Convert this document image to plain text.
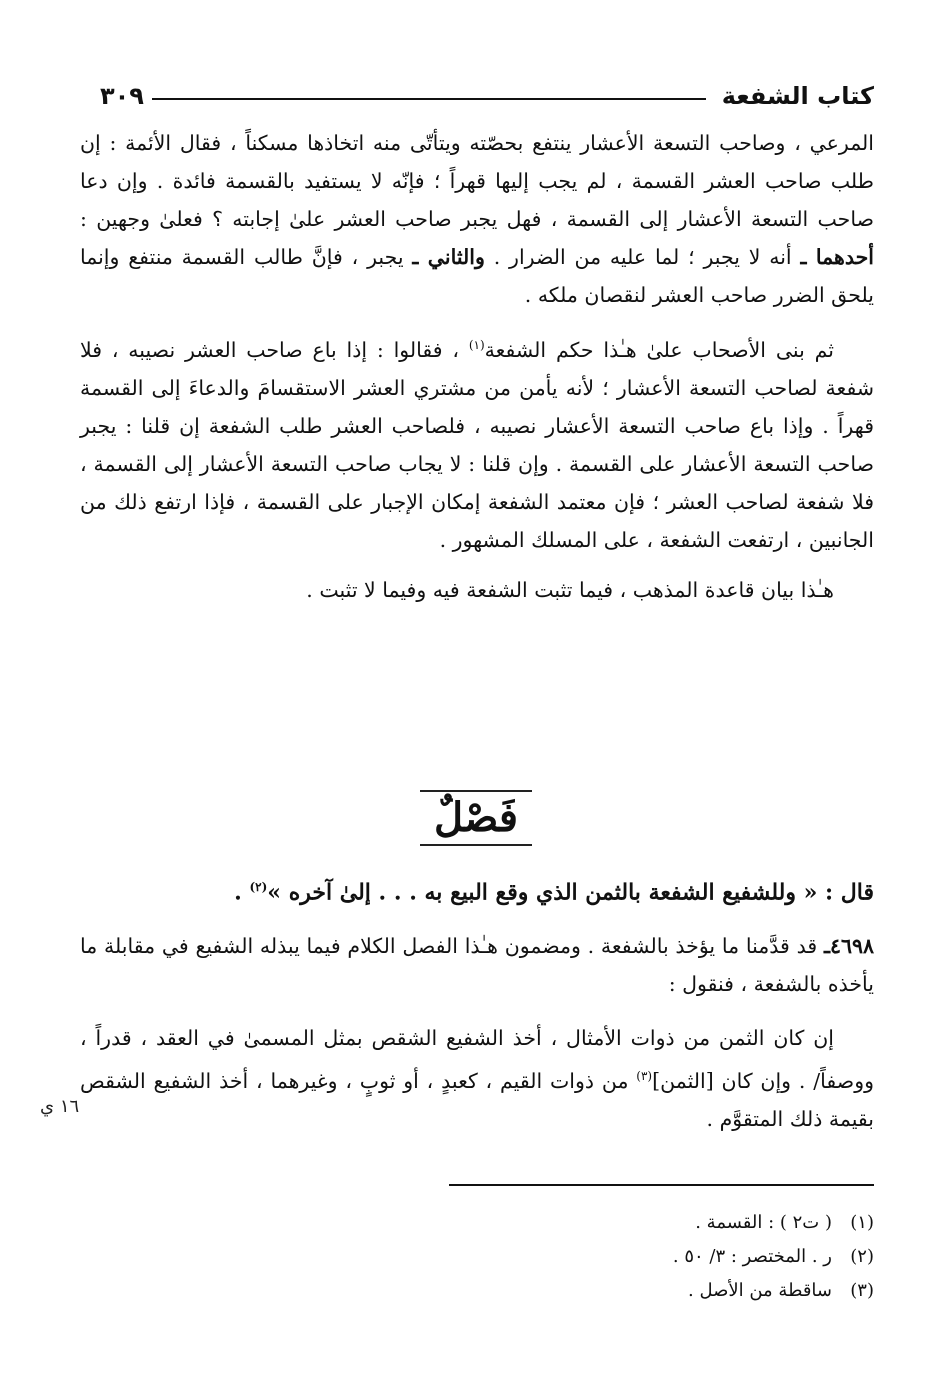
كتاب الشفعة
٣٠٩

المرعي ، وصاحب التسعة الأعشار ينتفع بحصّته ويتأتّى منه اتخاذها مسكناً ، فقال الأئمة : إن طلب صاحب العشر القسمة ، لم يجب إليها قهراً ؛ فإنّه لا يستفيد بالقسمة فائدة . وإن دعا صاحب التسعة الأعشار إلى القسمة ، فهل يجبر صاحب العشر علىٰ إجابته ؟ فعلىٰ وجهين : أحدهما ـ أنه لا يجبر ؛ لما عليه من الضرار . والثاني ـ يجبر ، فإنَّ طالب القسمة منتفع وإنما يلحق الضرر صاحب العشر لنقصان ملكه .

ثم بنى الأصحاب علىٰ هـٰذا حكم الشفعة$^{(١)}$ ، فقالوا : إذا باع صاحب العشر نصيبه ، فلا شفعة لصاحب التسعة الأعشار ؛ لأنه يأمن من مشتري العشر الاستقسامَ والدعاءَ إلى القسمة قهراً . وإذا باع صاحب التسعة الأعشار نصيبه ، فلصاحب العشر طلب الشفعة إن قلنا : يجبر صاحب التسعة الأعشار على القسمة . وإن قلنا : لا يجاب صاحب التسعة الأعشار إلى القسمة ، فلا شفعة لصاحب العشر ؛ فإن معتمد الشفعة إمكان الإجبار على القسمة ، فإذا ارتفع ذلك من الجانبين ، ارتفعت الشفعة ، على المسلك المشهور .

هـٰذا بيان قاعدة المذهب ، فيما تثبت الشفعة فيه وفيما لا تثبت .

فَصْلٌ

قال : « وللشفيع الشفعة بالثمن الذي وقع البيع به . . . إلىٰ آخره »$^{(٢)}$ .

٤٦٩٨ـ قد قدَّمنا ما يؤخذ بالشفعة . ومضمون هـٰذا الفصل الكلام فيما يبذله الشفيع في مقابلة ما يأخذه بالشفعة ، فنقول :

إن كان الثمن من ذوات الأمثال ، أخذ الشفيع الشقص بمثل المسمىٰ في العقد ، قدراً ، ووصفاً/ . وإن كان [الثمن]$^{(٣)}$ من ذوات القيم ، كعبدٍ ، أو ثوبٍ ، وغيرهما ، أخذ الشفيع الشقص بقيمة ذلك المتقوَّم .

١٦ ي
(١)
( ت٢ ) : القسمة .
(٢)
ر . المختصر : ٣/ ٥٠ .
(٣)
ساقطة من الأصل .
